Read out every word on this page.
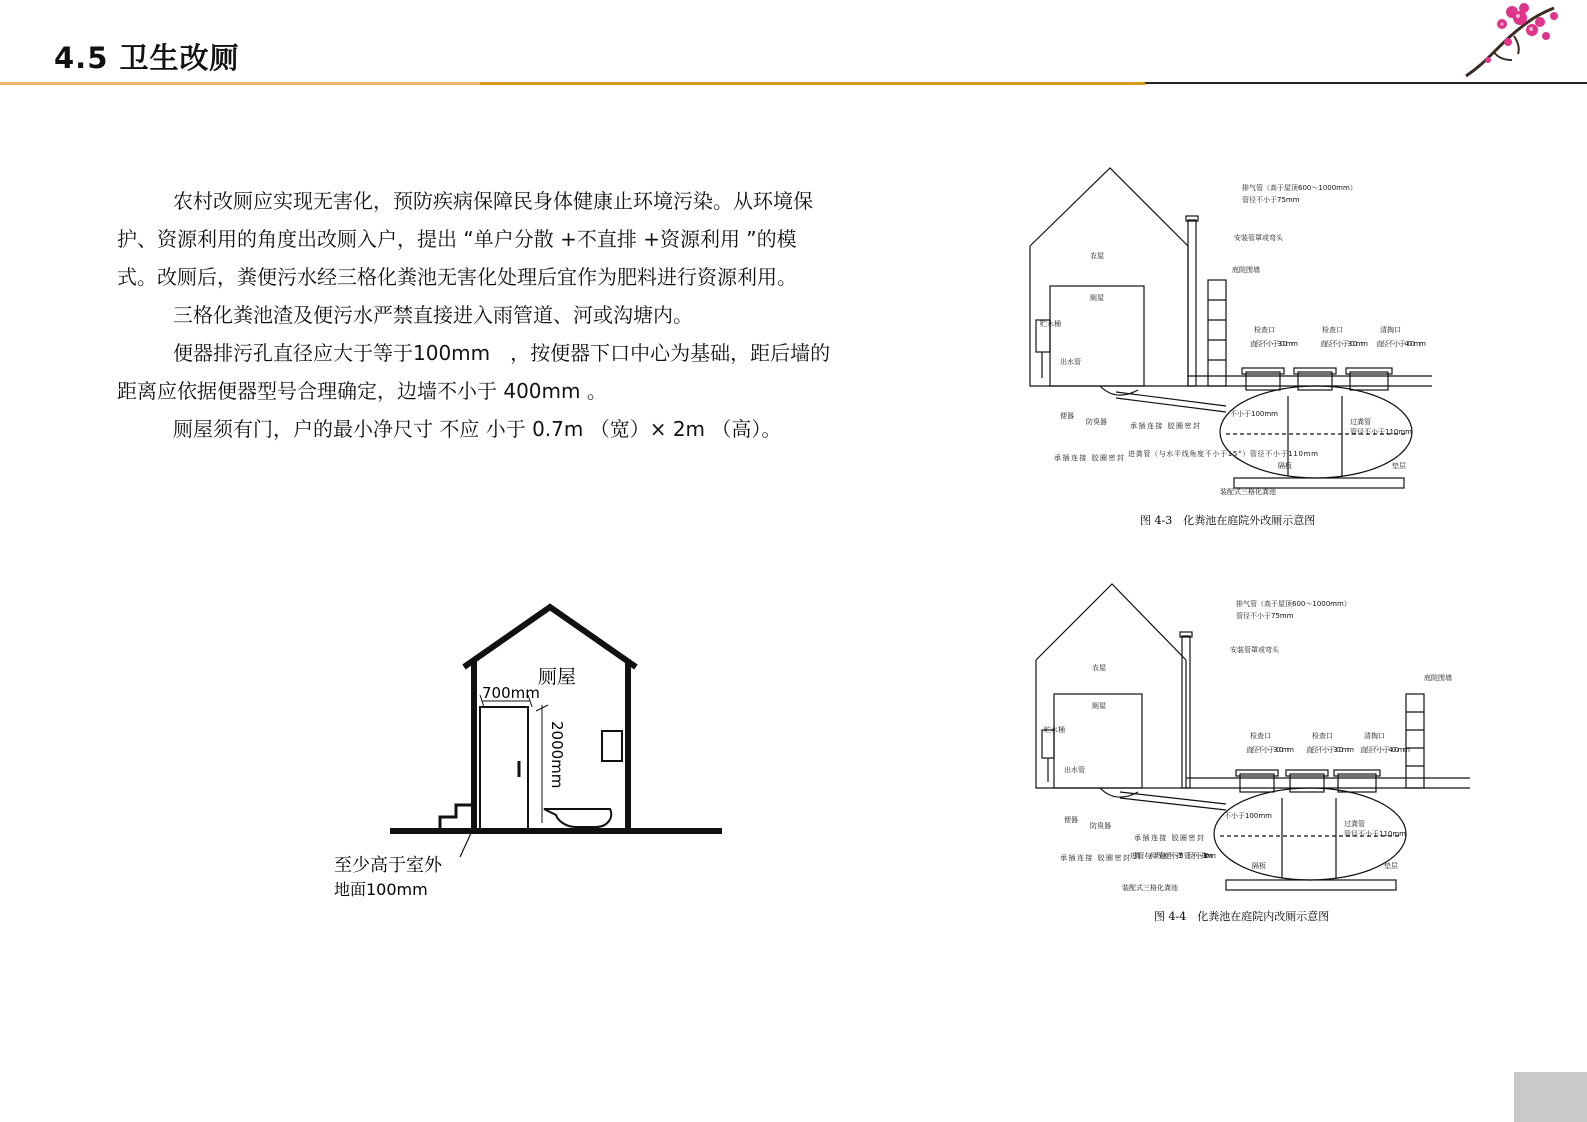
4.5 卫生改厕

农村改厕应实现无害化，预防疾病保障民身体健康止环境污染。从环境保护、资源利用的角度出改厕入户，提出 “单户分散 +不直排 +资源利用 ”的模式。改厕后，粪便污水经三格化粪池无害化处理后宜作为肥料进行资源利用。

三格化粪池渣及便污水严禁直接进入雨管道、河或沟塘内。

便器排污孔直径应大于等于100mm　，按便器下口中心为基础，距后墙的 距离应依据便器型号合理确定，边墙不小于 400mm 。

厕屋须有门，户的最小净尺寸 不应 小于 0.7m （宽）× 2m （高）。

厕屋
700mm
2000mm
至少高于室外
地面100mm
排气管（高于屋顶600～1000mm）
管径不小于75mm
安装管罩或弯头
农屋
厕屋
庭院围墙
贮水桶
出水管
检查口	检查口	清掏口
直径不小于300mm	直径不小于300mm 直径不小于400mm
不小于100mm
过粪管
管径不小于110mm
便器
防臭器	承插连接 胶圈密封
承插连接 胶圈密封 进粪管（与水平线角度不小于15°）管径不小于110mm
隔板	垫层
装配式三格化粪池
图 4-3　化粪池在庭院外改厕示意图
排气管（高于屋顶600～1000mm）
管径不小于75mm
安装管罩或弯头
农屋
厕屋
庭院围墙
贮水桶
出水管
检查口	检查口	清掏口
直径不小于300mm 直径不小于300mm 直径不小于400mm
不小于100mm
过粪管
管径不小于110mm
便器
防臭器
承插连接 胶圈密封
承插连接 胶圈密封 进粪管（与水平线角度不小于15°）管径不小于110mm
隔板	垫层
装配式三格化粪池
图 4-4　化粪池在庭院内改厕示意图
